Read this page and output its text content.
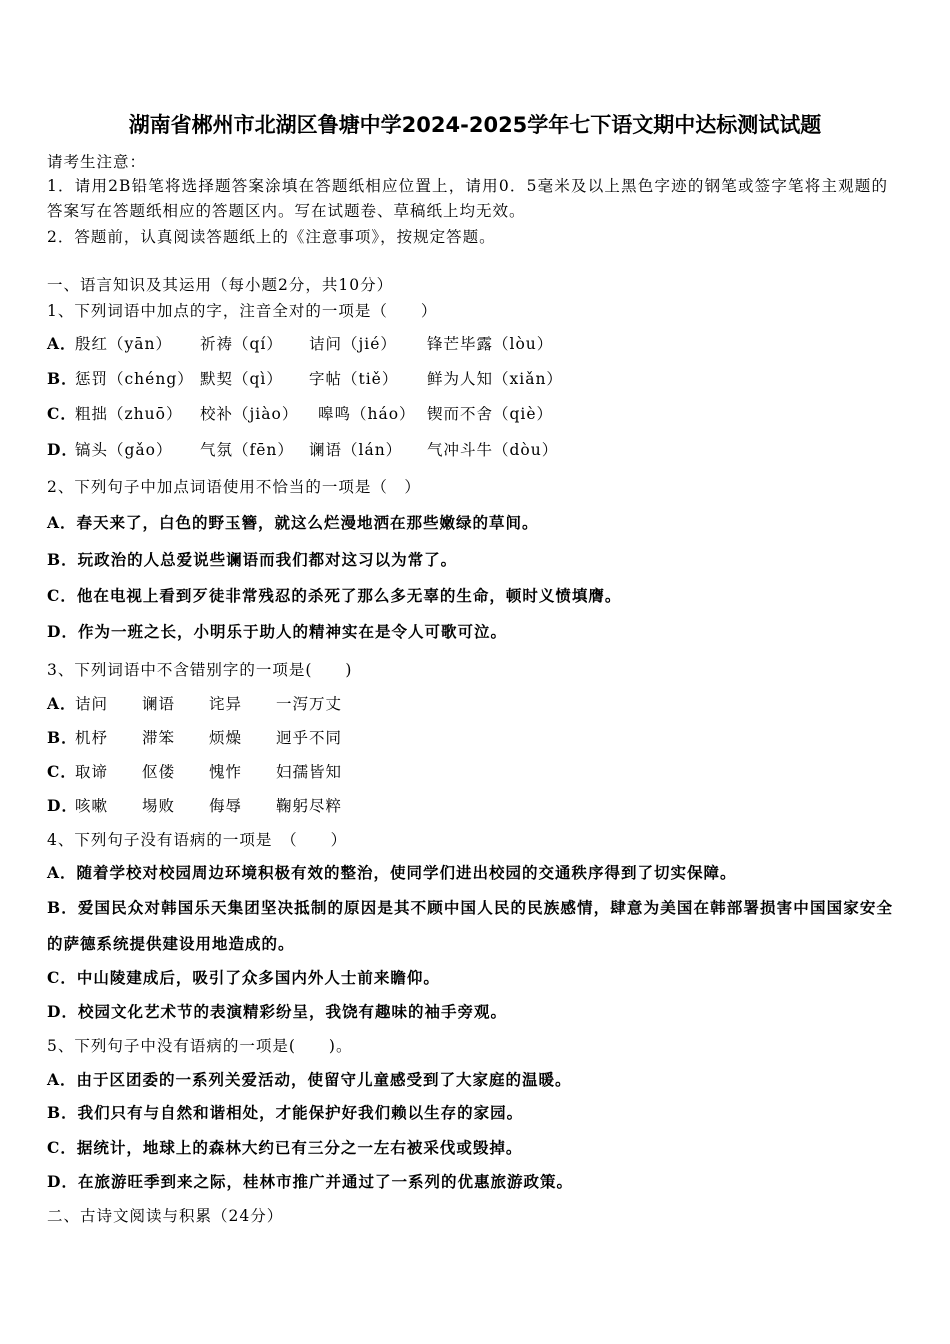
湖南省郴州市北湖区鲁塘中学2024-2025学年七下语文期中达标测试试题
请考生注意：
1．请用2B铅笔将选择题答案涂填在答题纸相应位置上，请用0．5毫米及以上黑色字迹的钢笔或签字笔将主观题的
答案写在答题纸相应的答题区内。写在试题卷、草稿纸上均无效。
2．答题前，认真阅读答题纸上的《注意事项》，按规定答题。
一、语言知识及其运用（每小题2分，共10分）
1、下列词语中加点的字，注音全对的一项是（　　）
A．
殷红（yān） 祈祷（qí） 诘问（jié） 锋芒毕露（lòu）
B．
惩罚（chéng） 默契（qì） 字帖（tiě） 鲜为人知（xiǎn）
C．
粗拙（zhuō） 校补（jiào） 嗥鸣（háo） 锲而不舍（qiè）
D．
镐头（gǎo） 气氛（fēn） 谰语（lán） 气冲斗牛（dòu）
2、下列句子中加点词语使用不恰当的一项是（　）
A．春天来了，白色的野玉簪，就这么烂漫地洒在那些嫩绿的草间。
B．玩政治的人总爱说些谰语而我们都对这习以为常了。
C．他在电视上看到歹徒非常残忍的杀死了那么多无辜的生命，顿时义愤填膺。
D．作为一班之长，小明乐于助人的精神实在是令人可歌可泣。
3、下列词语中不含错别字的一项是(　　)
A．
诘问 谰语 诧异 一泻万丈
B．
机杼 滞笨 烦燥 迥乎不同
C．
取谛 伛偻 愧怍 妇孺皆知
D．
咳嗽 埸败 侮辱 鞠躬尽粹
4、下列句子没有语病的一项是　（　　）
A．随着学校对校园周边环境积极有效的整治，使同学们进出校园的交通秩序得到了切实保障。
B．爱国民众对韩国乐天集团坚决抵制的原因是其不顾中国人民的民族感情，肆意为美国在韩部署损害中国国家安全
的萨德系统提供建设用地造成的。
C．中山陵建成后，吸引了众多国内外人士前来瞻仰。
D．校园文化艺术节的表演精彩纷呈，我饶有趣味的袖手旁观。
5、下列句子中没有语病的一项是(　　)。
A．由于区团委的一系列关爱活动，使留守儿童感受到了大家庭的温暖。
B．我们只有与自然和谐相处，才能保护好我们赖以生存的家园。
C．据统计，地球上的森林大约已有三分之一左右被采伐或毁掉。
D．在旅游旺季到来之际，桂林市推广并通过了一系列的优惠旅游政策。
二、古诗文阅读与积累（24分）
